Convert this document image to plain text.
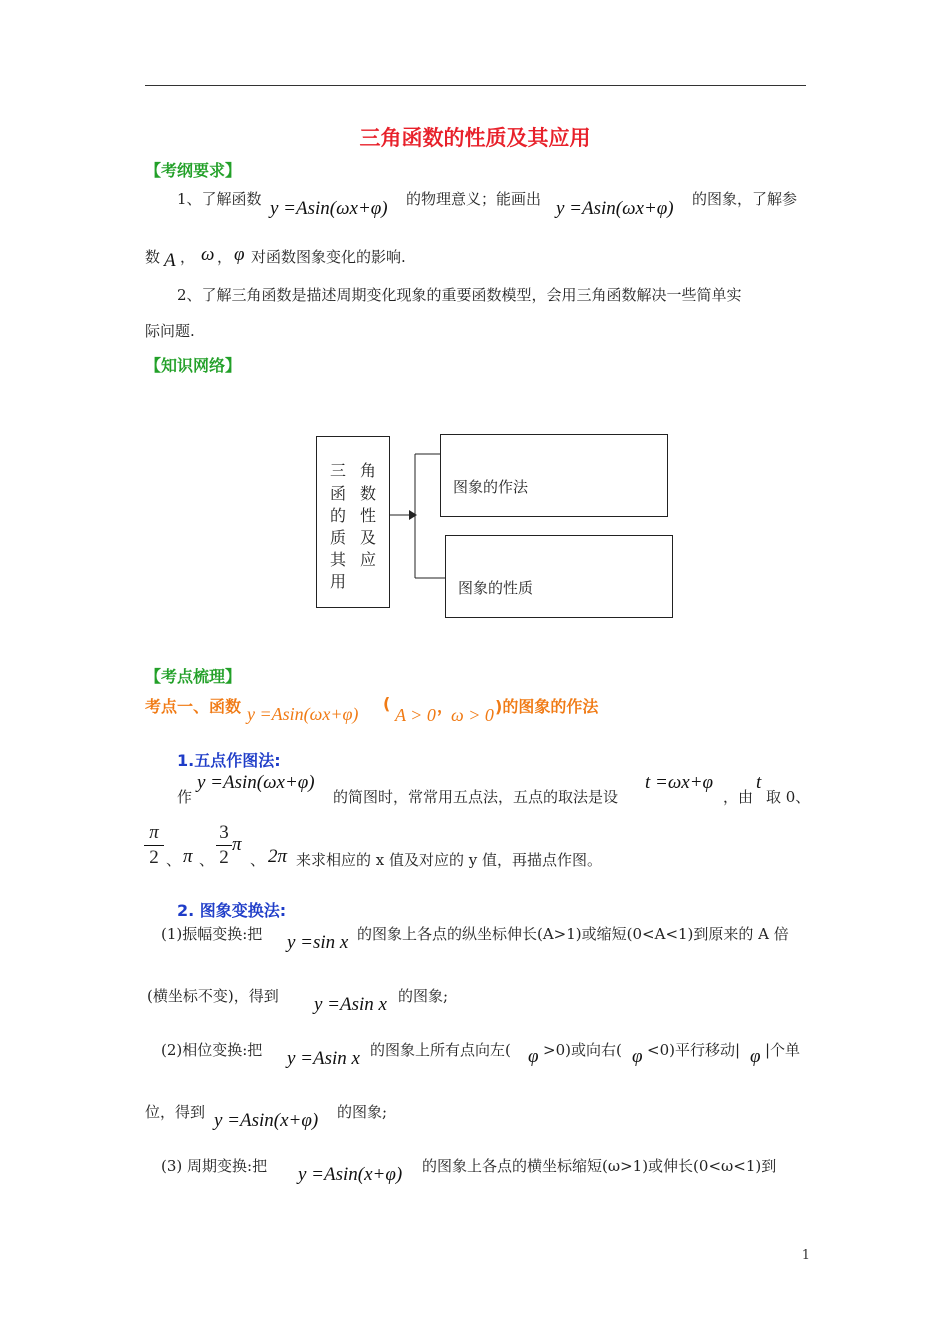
三角函数的性质及其应用
【考纲要求】
1、了解函数 y =Asin(ωx+φ) 的物理意义；能画出 y =Asin(ωx+φ) 的图象，了解参
数 A ， ω ， φ 对函数图象变化的影响.
2、了解三角函数是描述周期变化现象的重要函数模型，会用三角函数解决一些简单实
际问题.
【知识网络】
三 角
函 数
的 性
质 及
其 应
用
图象的作法
图象的性质
【考点梳理】
考点一、函数 y =Asin(ωx+φ)
(
A > 0 ，
ω > 0 )的图象的作法
1.五点作图法:
作
y =Asin(ωx+φ)
的简图时，常常用五点法，五点的取法是设
t =ωx+φ
，由
t
取 0、
π
2 、 π 、
3
2
π
、 2π 来求相应的 x 值及对应的 y 值，再描点作图。
2. 图象变换法:
(1)振幅变换:把 y =sin x 的图象上各点的纵坐标伸长(A>1)或缩短(0<A<1)到原来的 A 倍
(横坐标不变)，得到 y =Asin x 的图象;
(2)相位变换:把 y =Asin x 的图象上所有点向左( φ >0)或向右( φ <0)平行移动| φ |个单
位，得到 y =Asin(x+φ) 的图象;
(3) 周期变换:把 y =Asin(x+φ) 的图象上各点的横坐标缩短(ω>1)或伸长(0<ω<1)到
1
